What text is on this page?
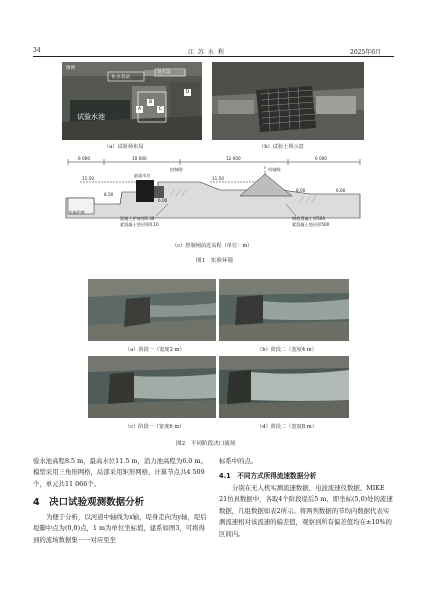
34	江 苏 水 利	2025年6月
图例
补水泵站
退水渠
试验水池
A
B
C
D
（a）试验场布局	（b）试验土坝示意
6 000	10 000	12 000	6 000
控制闸
最高水位
坝轴线
11.50	11.50
8.50
6.00
8.00	6.00
水池护底
混凝土护坡厚0.30
素混凝土垫层厚0.10
钢筋混凝土厚500
素混凝土垫层厚500
（c）控制闸前近高程（单位：m）
图1　实验环境
（a）阶段一（宽度2 m）	（b）阶段二（宽度4 m）
（c）阶段一（宽度6 m）	（d）阶段二（宽度8 m）
图2　不同阶段决口流场
验水池高程8.5 m，最高水位11.5 m，消力池高程为6.0 m。模型采用三角形网格，局部采用矩形网格，计算节点共4 509个，单元共11 066个。
4　决口试验观测数据分析
为便于分析，以河道中轴线为x轴，堤身走向为y轴，堤后堤脚中点为(0,0)点，1 m为单位坐标值，建系如图3，可将得到的流场数据集一一对应至坐
标系中的点。
4.1　不同方式所得流速数据分析
分别在无人机实测流速数据、电波流速仪数据、MIKE 21仿真数据中，各取4个阶段堤后5 m、即坐标(5,0)处的流速数据，几组数据如表2所示。将两列数据的节均内数据代表实测流速相对该流速的偏差值，观察到所有偏差值均在±10%的区间内。
